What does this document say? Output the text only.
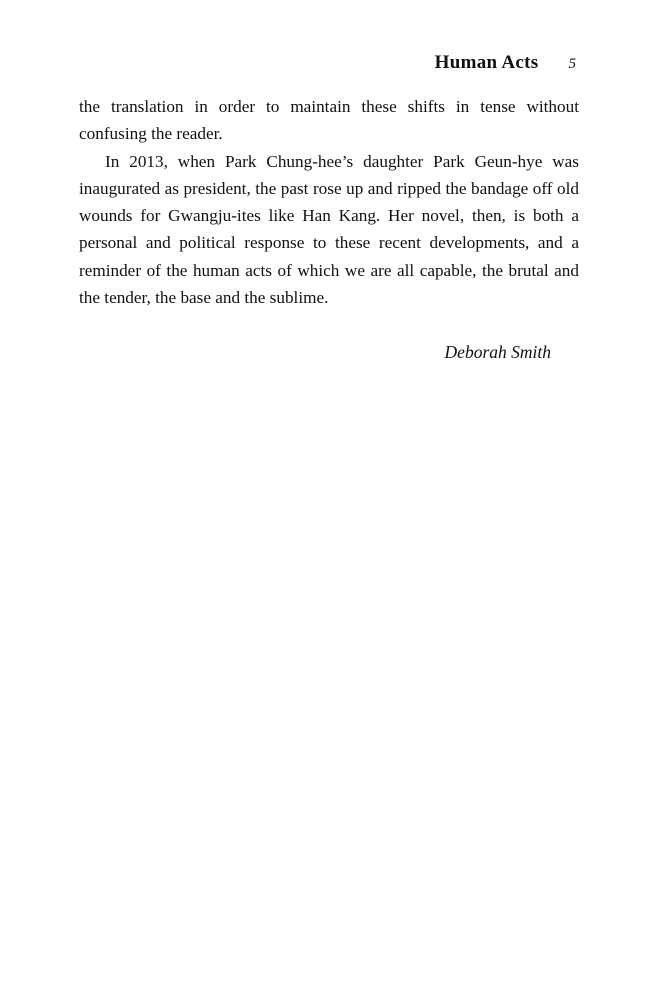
Human Acts 5

the translation in order to maintain these shifts in tense without confusing the reader.

In 2013, when Park Chung-hee’s daughter Park Geun-hye was inaugurated as president, the past rose up and ripped the bandage off old wounds for Gwangju-ites like Han Kang. Her novel, then, is both a personal and political response to these recent developments, and a reminder of the human acts of which we are all capable, the brutal and the tender, the base and the sublime.

Deborah Smith
